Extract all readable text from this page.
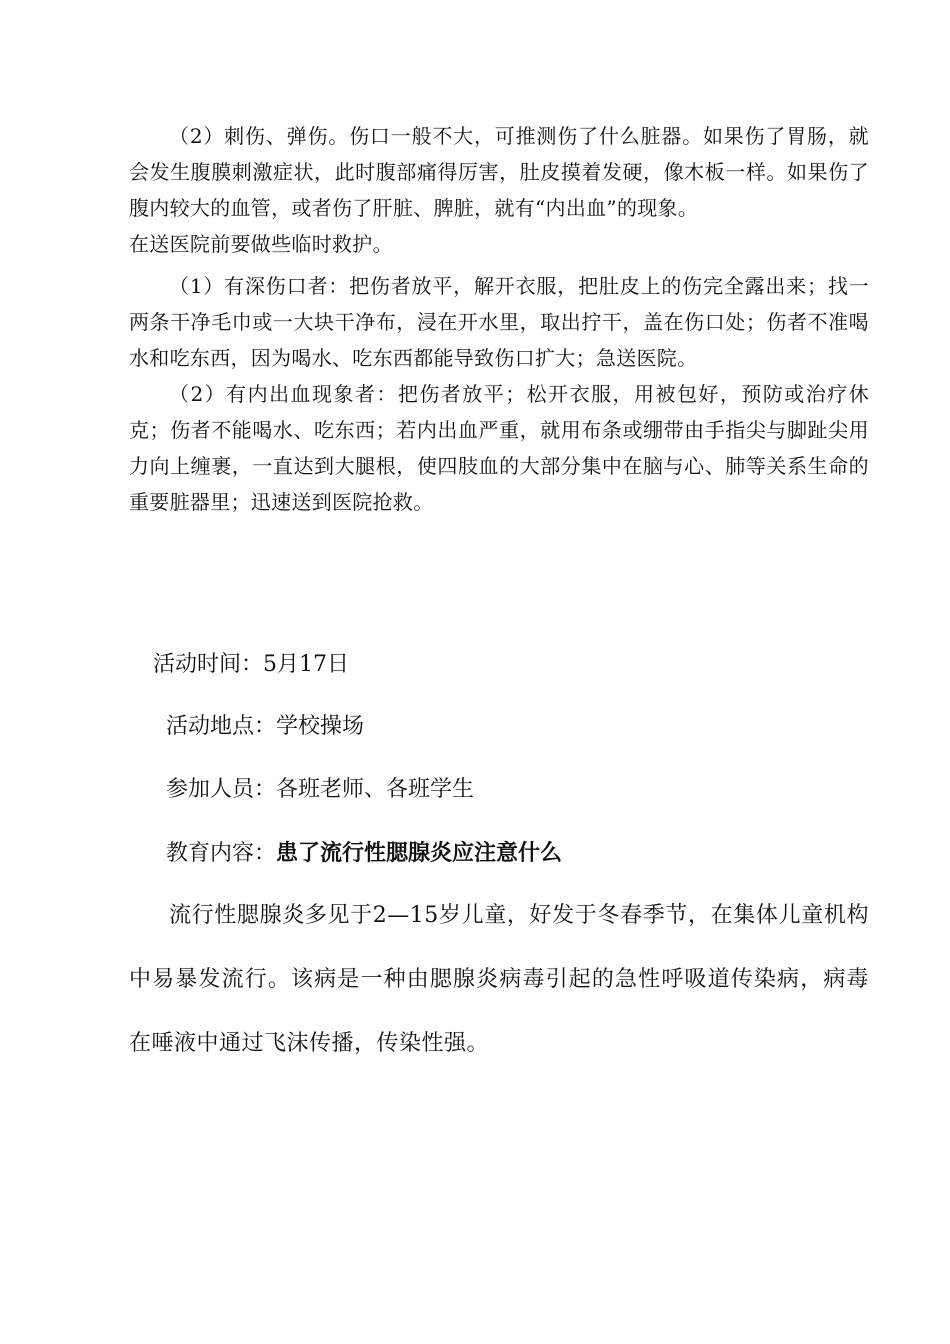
（2）刺伤、弹伤。伤口一般不大，可推测伤了什么脏器。如果伤了胃肠，就会发生腹膜刺激症状，此时腹部痛得厉害，肚皮摸着发硬，像木板一样。如果伤了腹内较大的血管，或者伤了肝脏、脾脏，就有“内出血”的现象。

在送医院前要做些临时救护。

（1）有深伤口者：把伤者放平，解开衣服，把肚皮上的伤完全露出来；找一两条干净毛巾或一大块干净布，浸在开水里，取出拧干，盖在伤口处；伤者不准喝水和吃东西，因为喝水、吃东西都能导致伤口扩大；急送医院。

（2）有内出血现象者：把伤者放平；松开衣服，用被包好，预防或治疗休克；伤者不能喝水、吃东西；若内出血严重，就用布条或绷带由手指尖与脚趾尖用力向上缠裹，一直达到大腿根，使四肢血的大部分集中在脑与心、肺等关系生命的重要脏器里；迅速送到医院抢救。

活动时间：5月17日

活动地点：学校操场

参加人员：各班老师、各班学生

教育内容：患了流行性腮腺炎应注意什么

流行性腮腺炎多见于2—15岁儿童，好发于冬春季节，在集体儿童机构中易暴发流行。该病是一种由腮腺炎病毒引起的急性呼吸道传染病，病毒在唾液中通过飞沫传播，传染性强。
